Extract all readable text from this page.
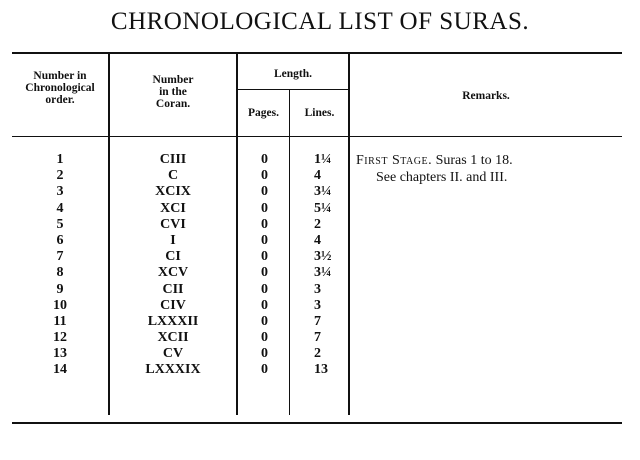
CHRONOLOGICAL LIST OF SURAS.
Number in
Chronological
order.
Number
in the
Coran.
Length.
Pages.	Lines.
Remarks.
1
2
3
4
5
6
7
8
9
10
11
12
13
14
CIII
C
XCIX
XCI
CVI
I
CI
XCV
CII
CIV
LXXXII
XCII
CV
LXXXIX
0
0
0
0
0
0
0
0
0
0
0
0
0
0
1¼
4
3¼
5¼
2
4
3½
3¼
3
3
7
7
2
13
First Stage. Suras 1 to 18.
See chapters II. and III.
